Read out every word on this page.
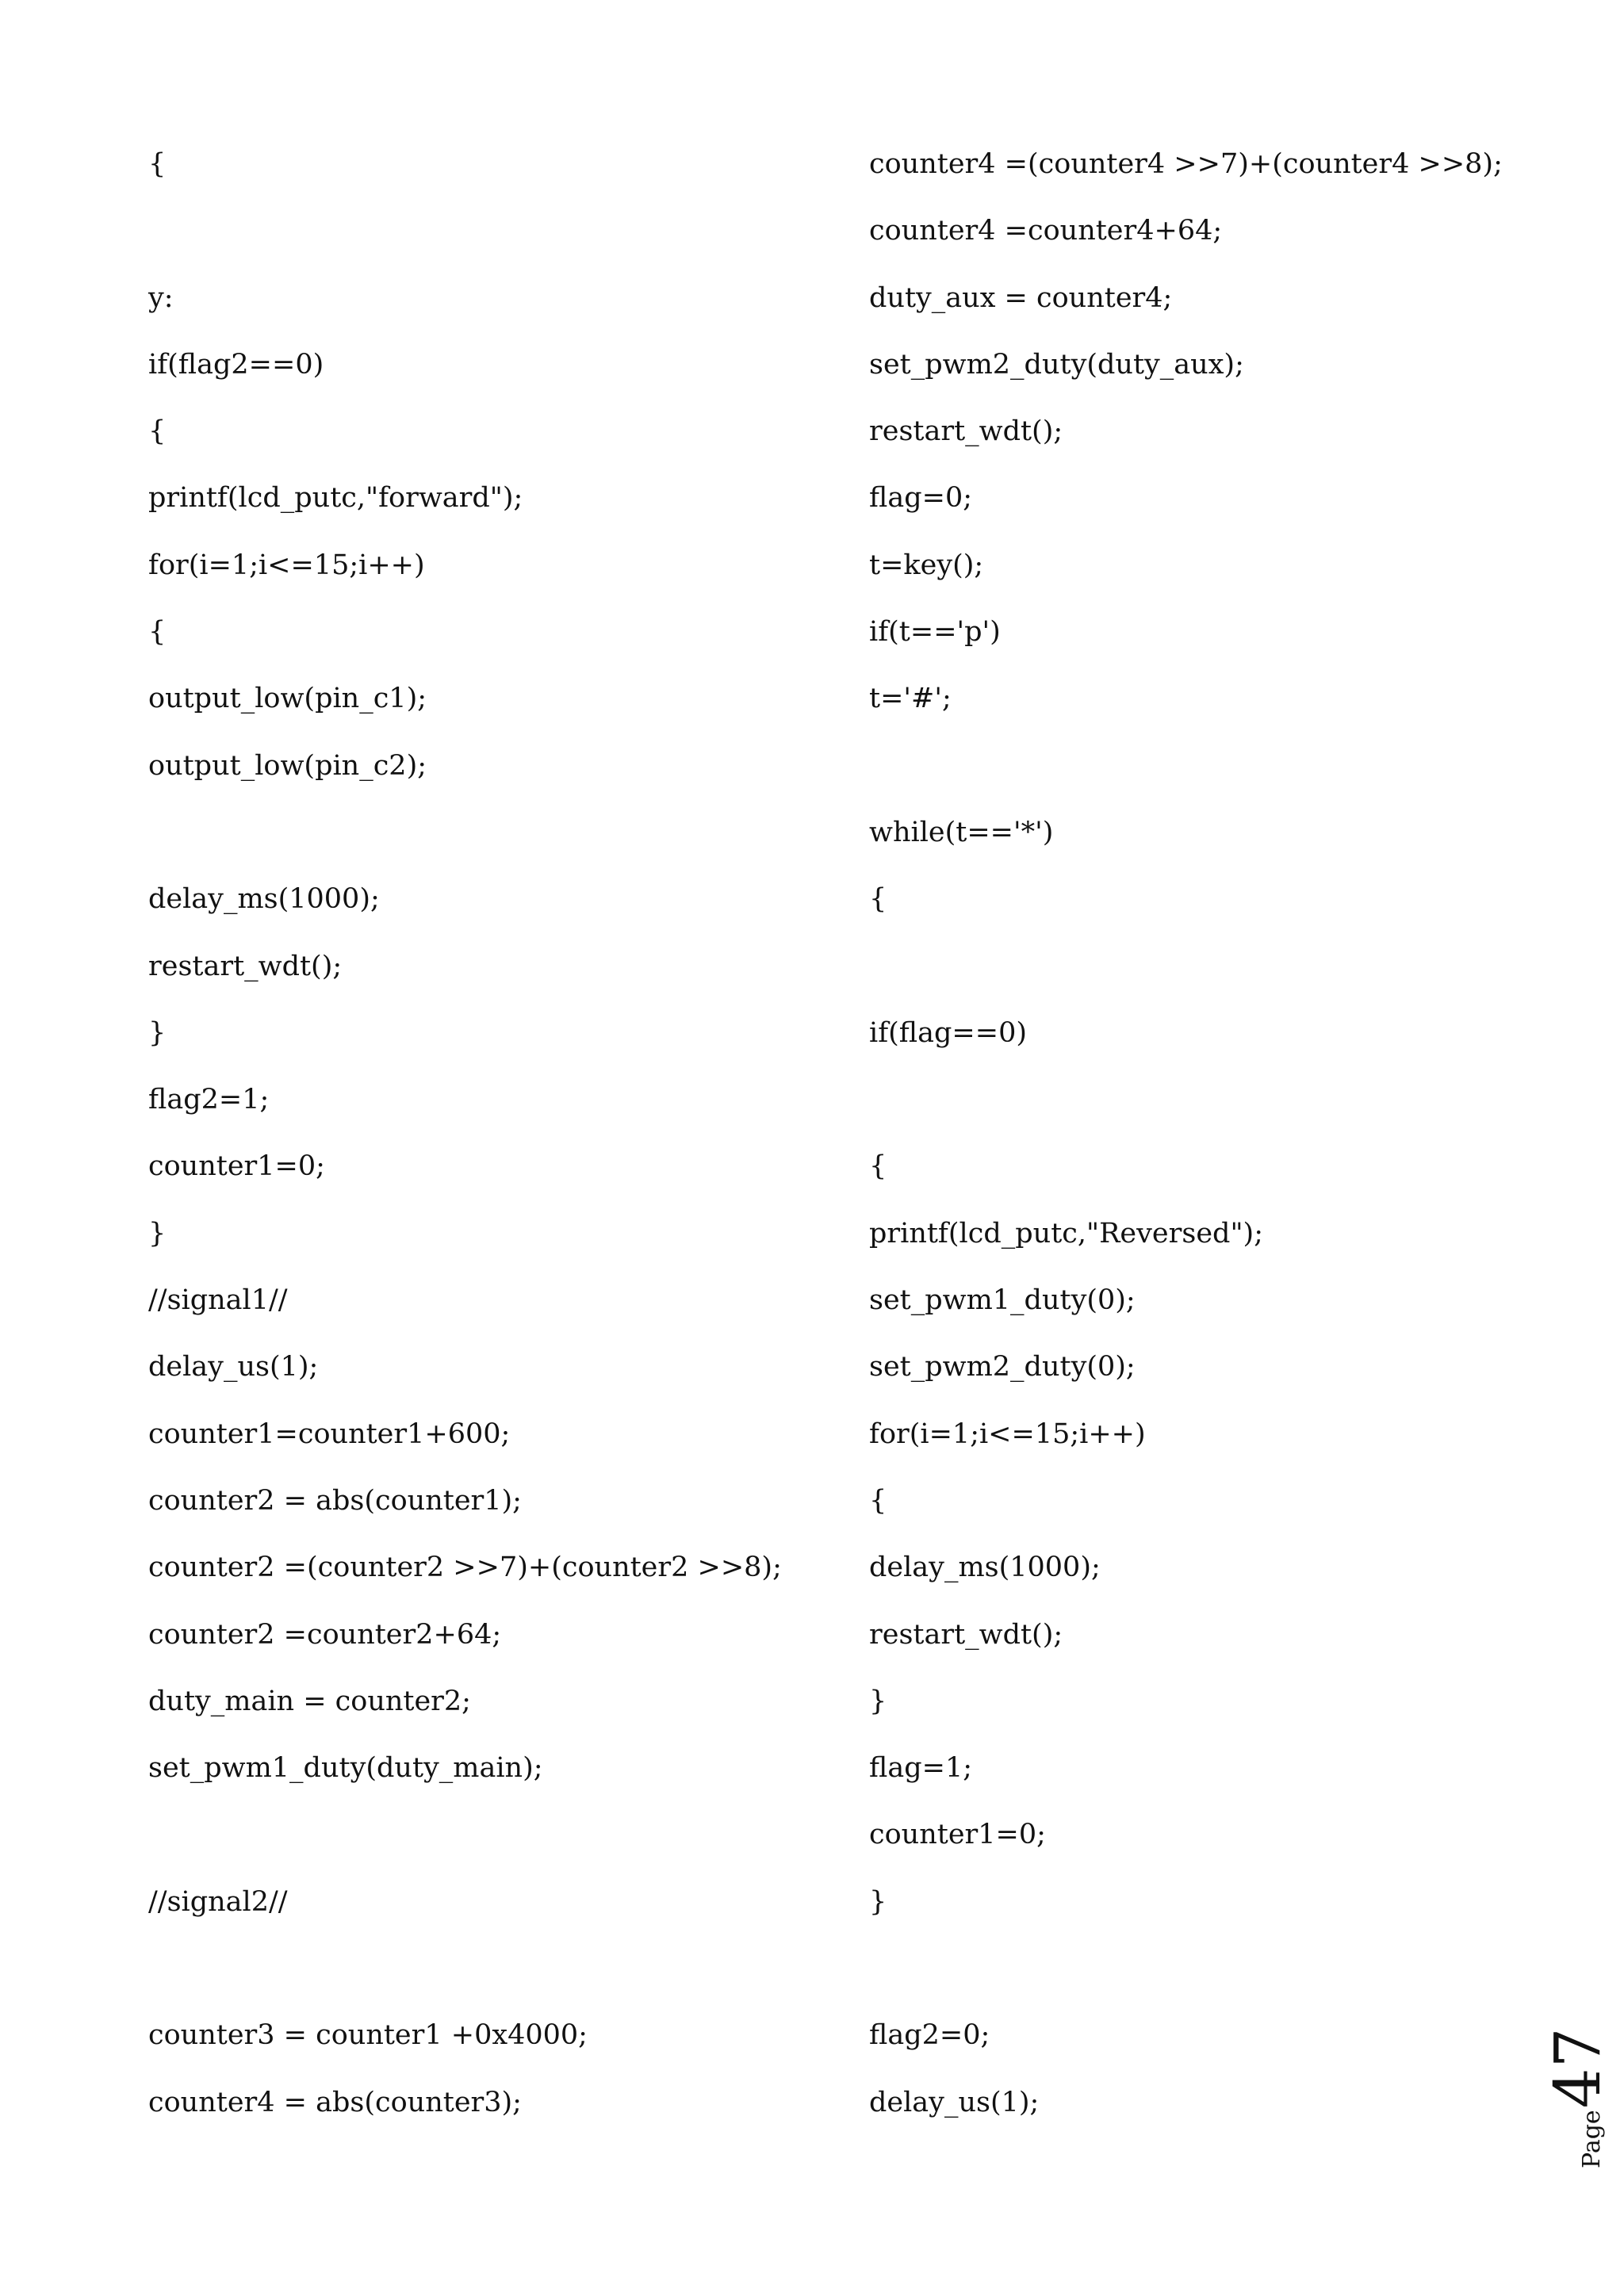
{
y:
if(flag2==0)
{
printf(lcd_putc,"forward");
for(i=1;i<=15;i++)
{
output_low(pin_c1);
output_low(pin_c2);
delay_ms(1000);
restart_wdt();
}
flag2=1;
counter1=0;
}
//signal1//
delay_us(1);
counter1=counter1+600;
counter2 = abs(counter1);
counter2 =(counter2 >>7)+(counter2 >>8);
counter2 =counter2+64;
duty_main = counter2;
set_pwm1_duty(duty_main);
//signal2//
counter3 = counter1 +0x4000;
counter4 = abs(counter3);
counter4 =(counter4 >>7)+(counter4 >>8);
counter4 =counter4+64;
duty_aux = counter4;
set_pwm2_duty(duty_aux);
restart_wdt();
flag=0;
t=key();
if(t=='p')
t='#';
while(t=='*')
{
if(flag==0)
{
printf(lcd_putc,"Reversed");
set_pwm1_duty(0);
set_pwm2_duty(0);
for(i=1;i<=15;i++)
{
delay_ms(1000);
restart_wdt();
}
flag=1;
counter1=0;
}
flag2=0;
delay_us(1);
Page
47
